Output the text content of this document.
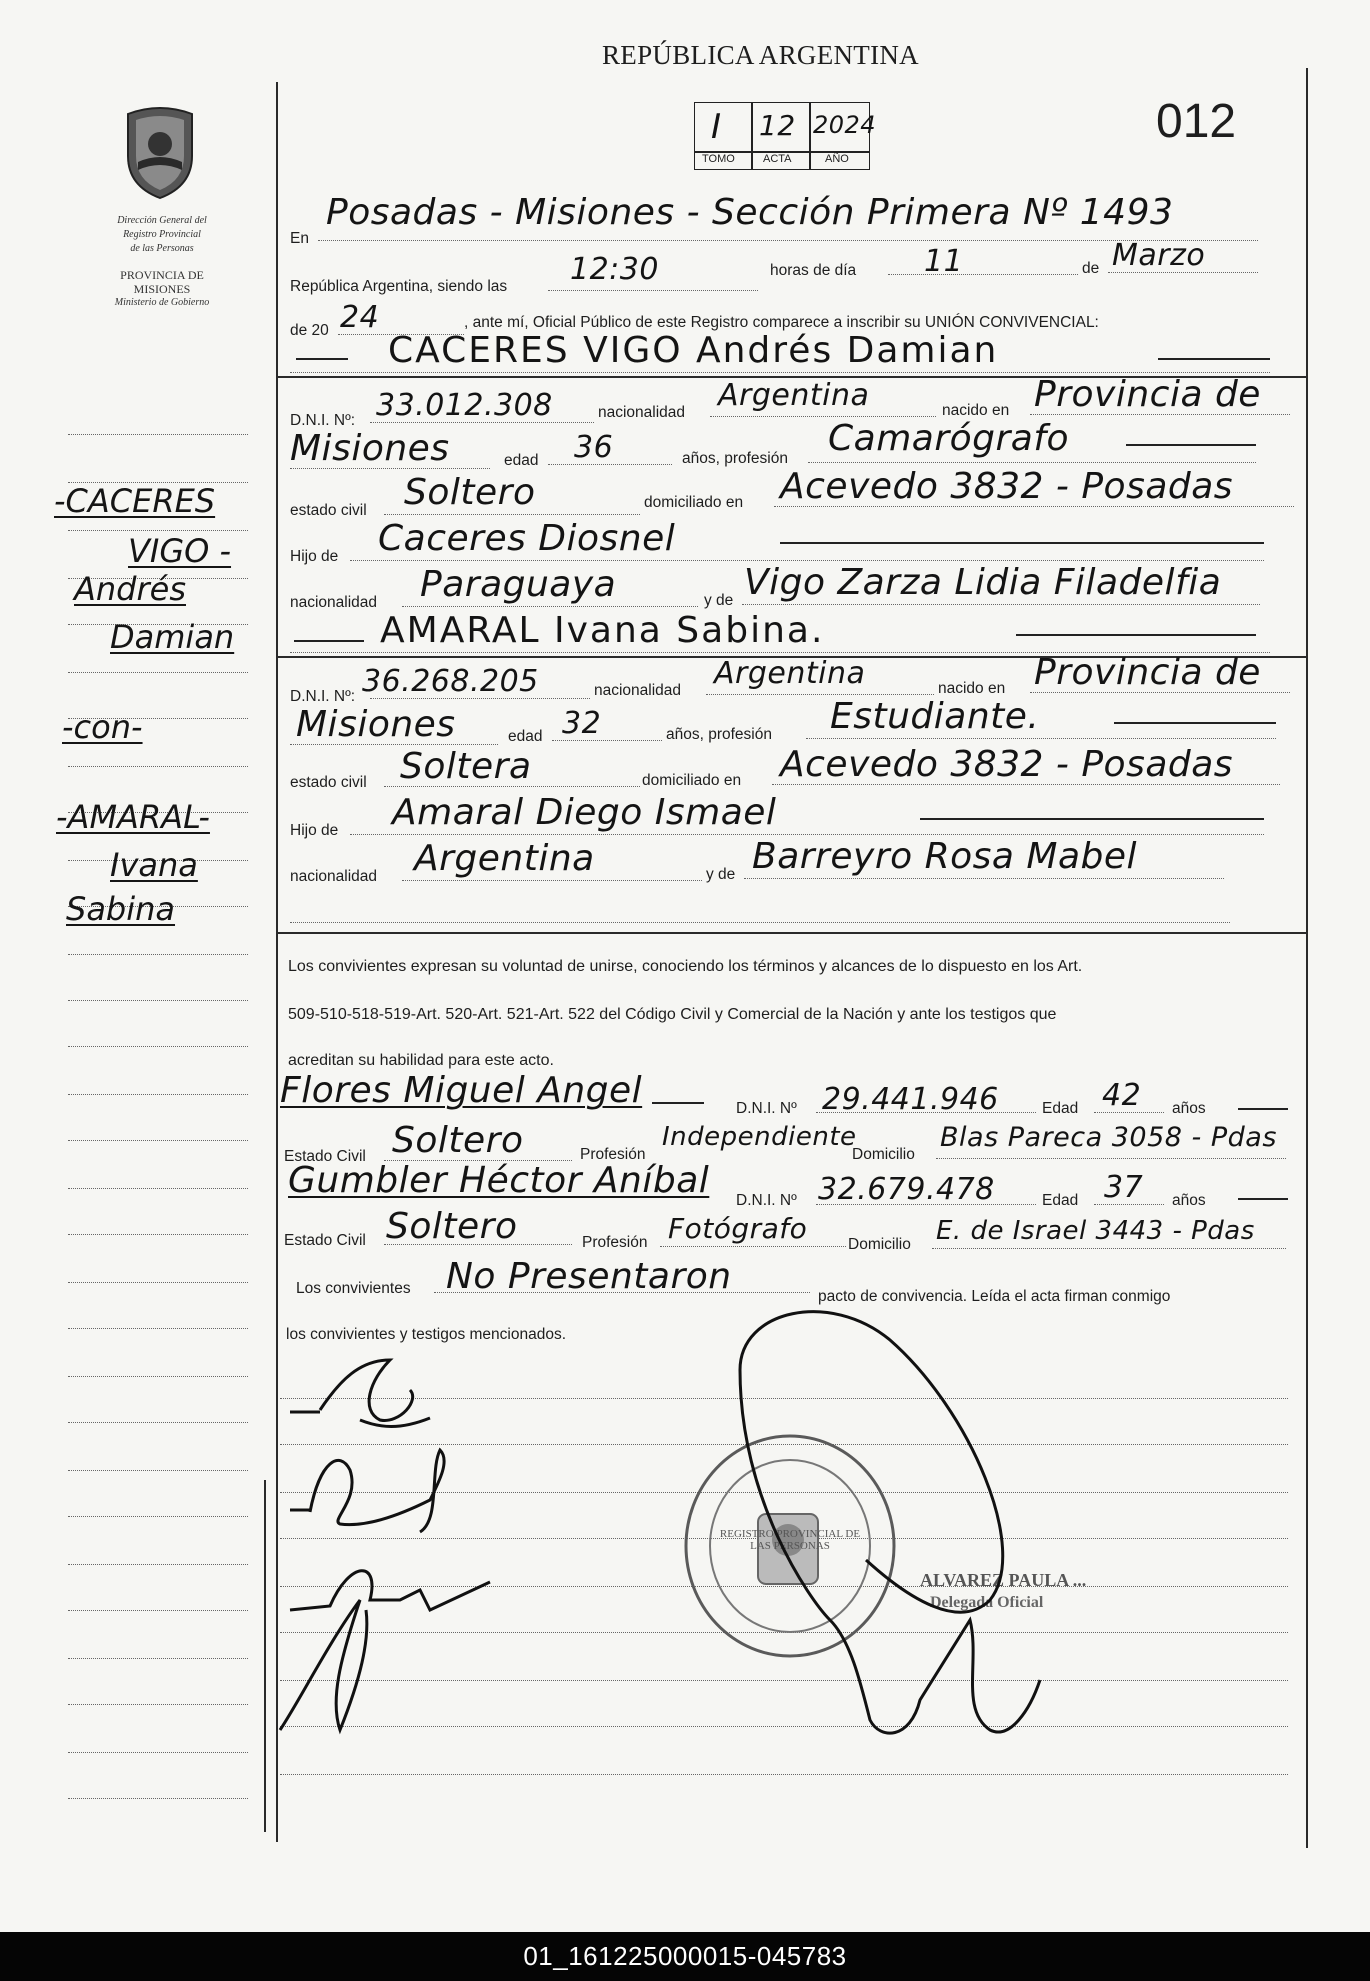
REPÚBLICA ARGENTINA
012
I 12 2024
TOMO	ACTA	AÑO
Dirección General del
Registro Provincial
de las Personas
PROVINCIA DE
MISIONES
Ministerio de Gobierno
-CACERES
VIGO -
Andrés
Damian
-con-
-AMARAL-
Ivana
Sabina
En
Posadas - Misiones - Sección Primera Nº 1493
República Argentina, siendo las 12:30	horas de día 11	de Marzo
de 20 24	, ante mí, Oficial Público de este Registro comparece a inscribir su UNIÓN CONVIVENCIAL:
CACERES VIGO Andrés Damian
D.N.I. Nº: 33.012.308	nacionalidad Argentina	nacido en Provincia de
Misiones	edad 36	años, profesión Camarógrafo
estado civil Soltero	domiciliado en Acevedo 3832 - Posadas
Hijo de Caceres Diosnel
nacionalidad Paraguaya	y de Vigo Zarza Lidia Filadelfia
AMARAL Ivana Sabina.
D.N.I. Nº: 36.268.205	nacionalidad Argentina	nacido en Provincia de
Misiones	edad 32	años, profesión Estudiante.
estado civil Soltera	domiciliado en Acevedo 3832 - Posadas
Hijo de Amaral Diego Ismael
nacionalidad Argentina	y de Barreyro Rosa Mabel
Los convivientes expresan su voluntad de unirse, conociendo los términos y alcances de lo dispuesto en los Art.
509-510-518-519-Art. 520-Art. 521-Art. 522 del Código Civil y Comercial de la Nación y ante los testigos que
acreditan su habilidad para este acto.
Flores Miguel Angel	D.N.I. Nº 29.441.946	Edad 42 años
Estado Civil Soltero	Profesión
Independiente
Domicilio
Blas Pareca 3058 - Pdas
Gumbler Héctor Aníbal D.N.I. Nº 32.679.478	Edad 37 años
Estado Civil Soltero	Profesión Fotógrafo	Domicilio E. de Israel 3443 - Pdas
Los convivientes No Presentaron	pacto de convivencia. Leída el acta firman conmigo
los convivientes y testigos mencionados.
REGISTRO PROVINCIAL DE LAS PERSONAS
ALVAREZ PAULA ...
Delegada Oficial
01_161225000015-045783
